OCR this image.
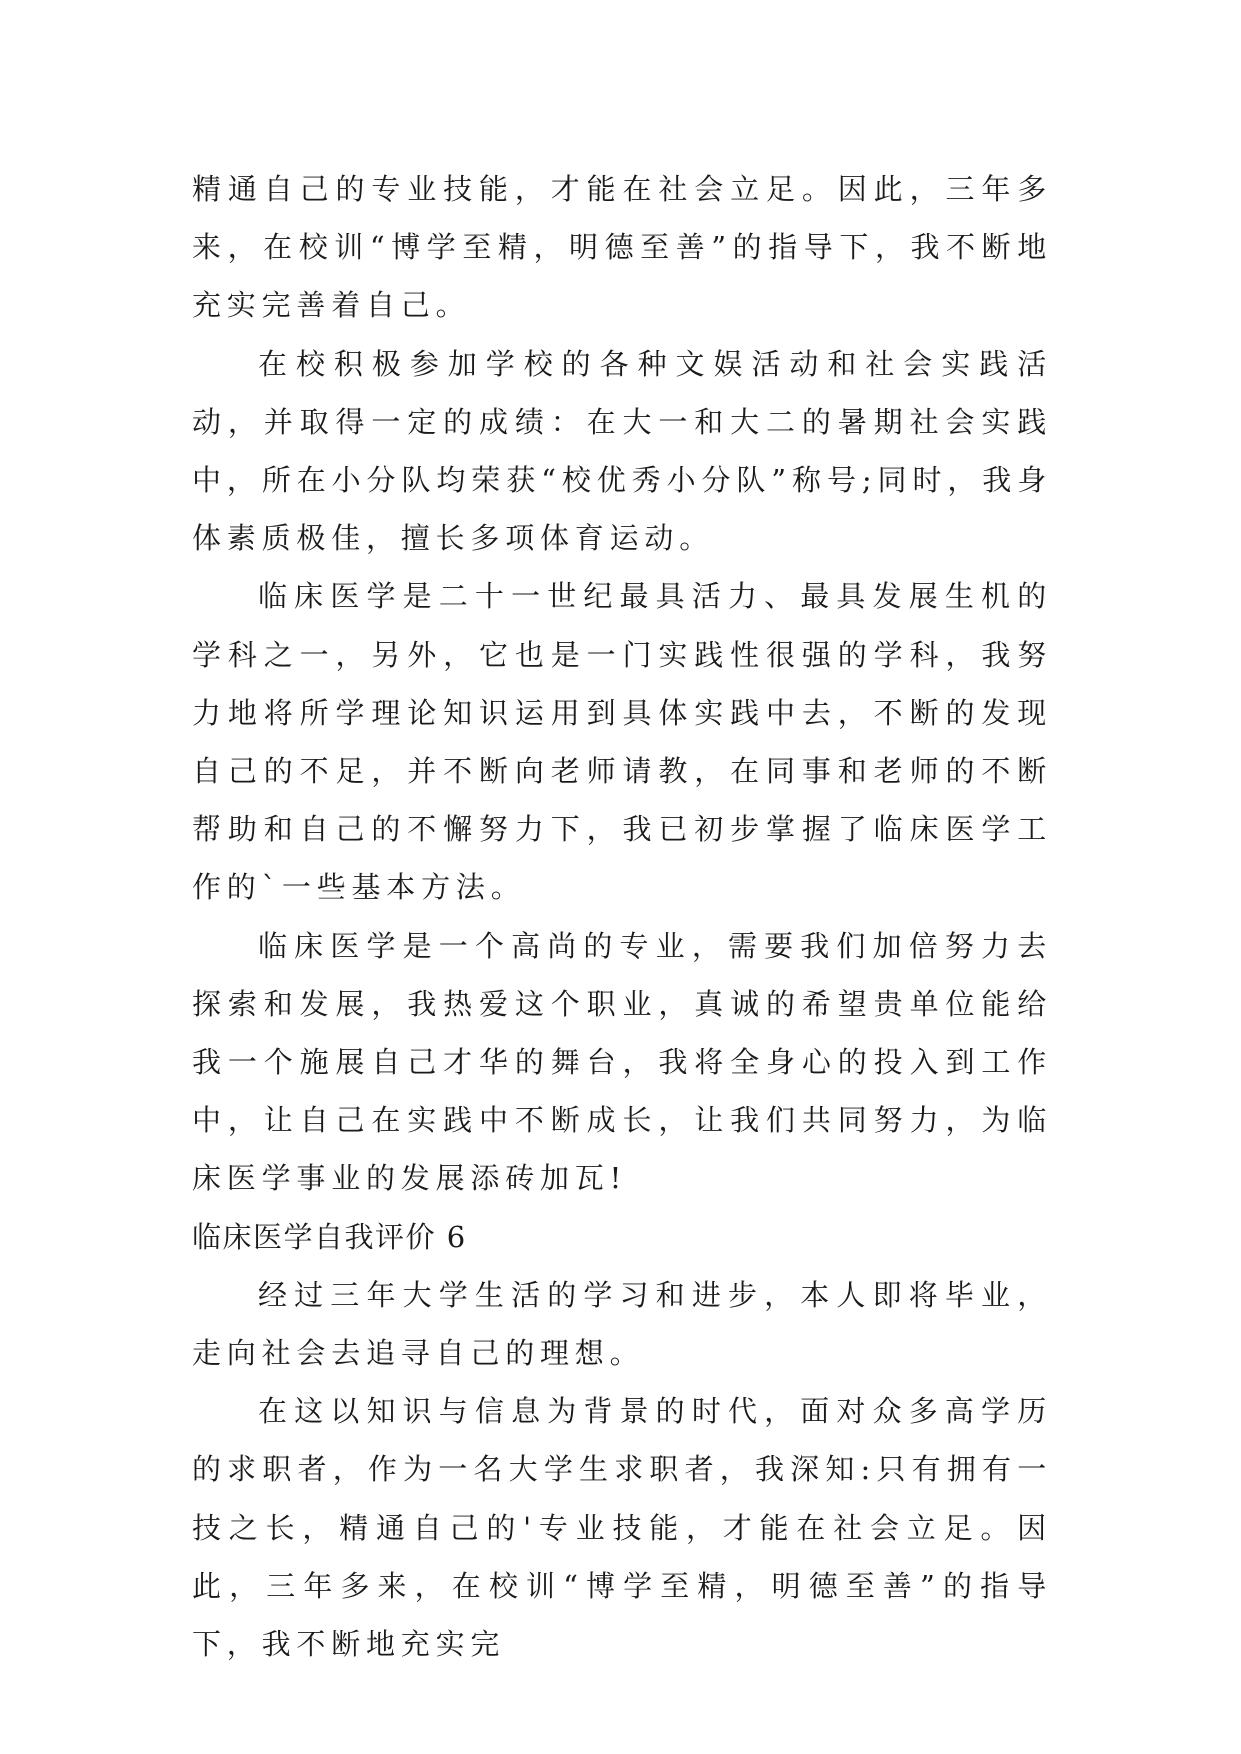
精通自己的专业技能，才能在社会立足。因此，三年多来，在校训“博学至精，明德至善”的指导下，我不断地充实完善着自己。

在校积极参加学校的各种文娱活动和社会实践活动，并取得一定的成绩：在大一和大二的暑期社会实践中，所在小分队均荣获“校优秀小分队”称号;同时，我身体素质极佳，擅长多项体育运动。

临床医学是二十一世纪最具活力、最具发展生机的学科之一，另外，它也是一门实践性很强的学科，我努力地将所学理论知识运用到具体实践中去，不断的发现自己的不足，并不断向老师请教，在同事和老师的不断帮助和自己的不懈努力下，我已初步掌握了临床医学工作的`一些基本方法。

临床医学是一个高尚的专业，需要我们加倍努力去探索和发展，我热爱这个职业，真诚的希望贵单位能给我一个施展自己才华的舞台，我将全身心的投入到工作中，让自己在实践中不断成长，让我们共同努力，为临床医学事业的发展添砖加瓦!

临床医学自我评价 6

经过三年大学生活的学习和进步，本人即将毕业，走向社会去追寻自己的理想。

在这以知识与信息为背景的时代，面对众多高学历的求职者，作为一名大学生求职者，我深知:只有拥有一技之长，精通自己的'专业技能，才能在社会立足。因此，三年多来，在校训“博学至精，明德至善”的指导下，我不断地充实完
